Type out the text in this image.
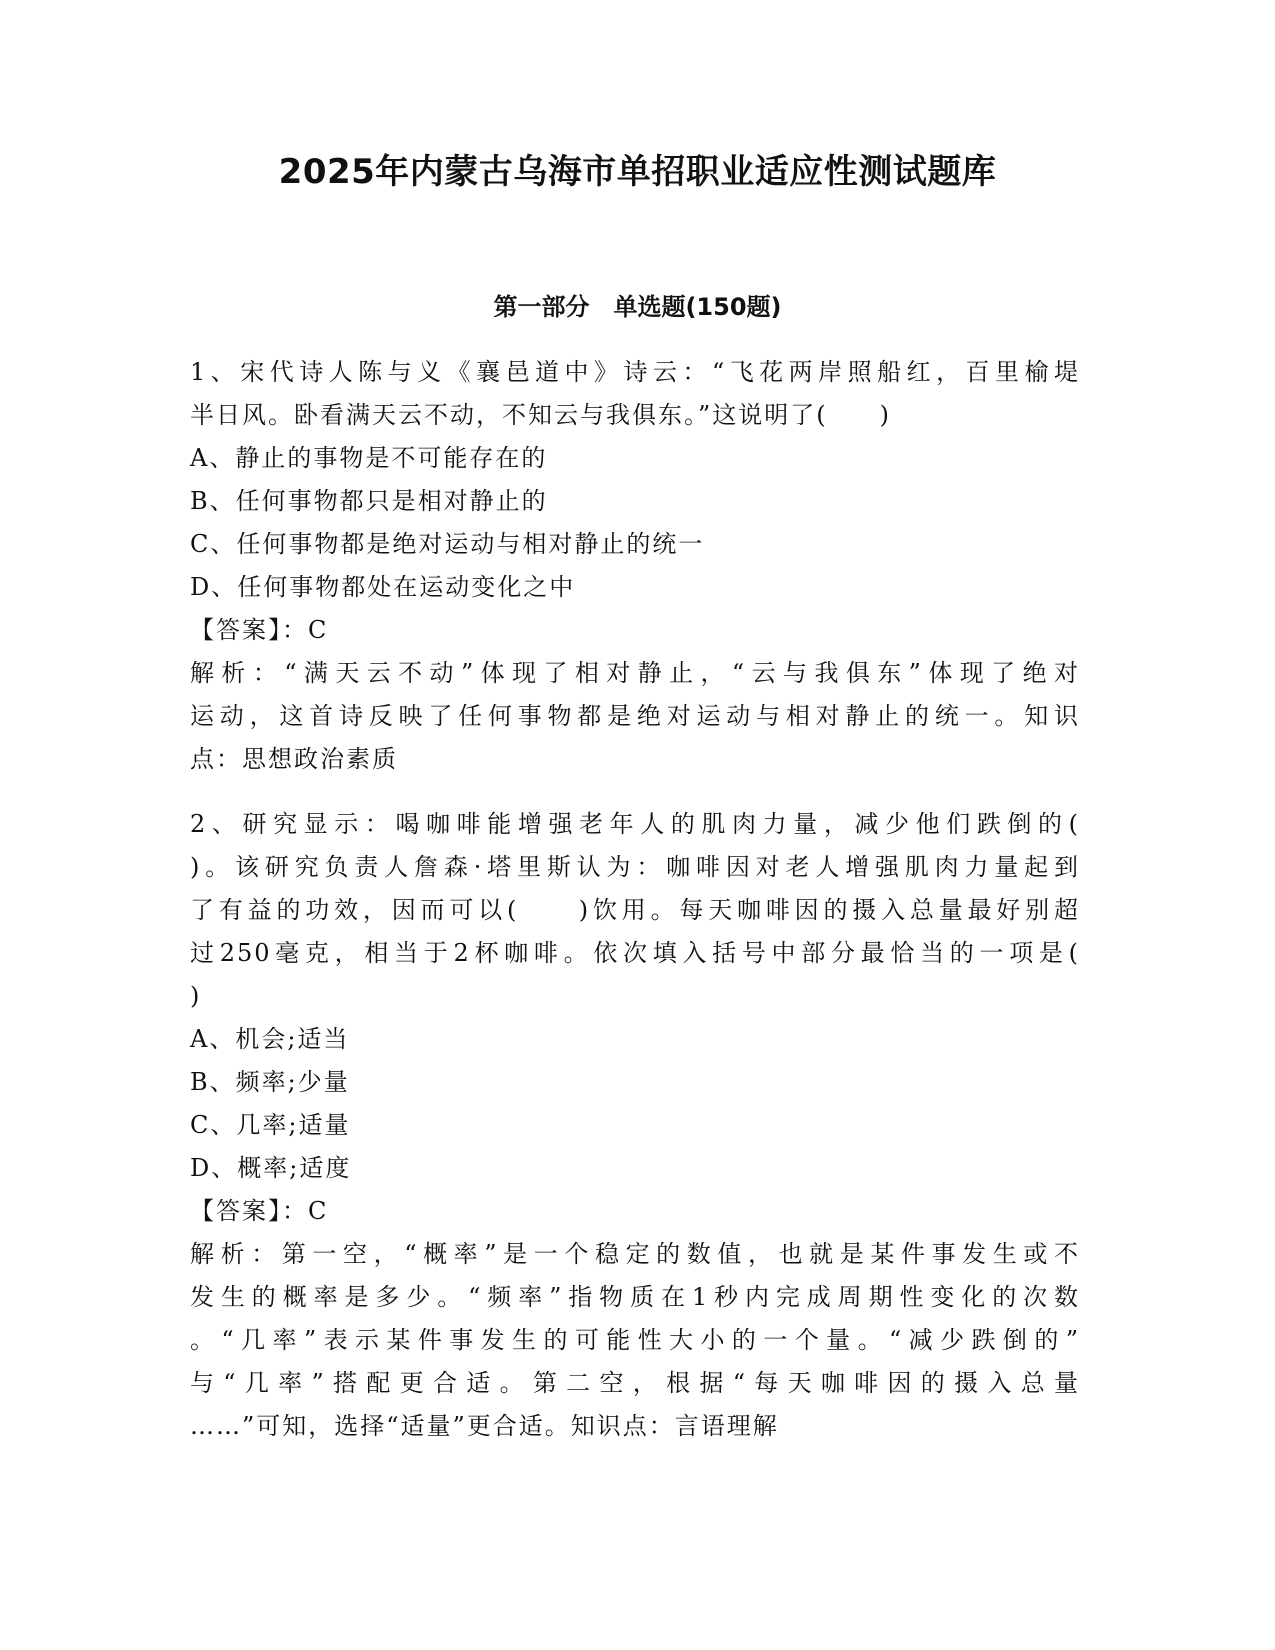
2025年内蒙古乌海市单招职业适应性测试题库
第一部分　单选题(150题)
1、宋代诗人陈与义《襄邑道中》诗云：“飞花两岸照船红，百里榆堤
半日风。卧看满天云不动，不知云与我俱东。”这说明了(　　)
A、静止的事物是不可能存在的
B、任何事物都只是相对静止的
C、任何事物都是绝对运动与相对静止的统一
D、任何事物都处在运动变化之中
【答案】：C
解析：“满天云不动”体现了相对静止，“云与我俱东”体现了绝对
运动，这首诗反映了任何事物都是绝对运动与相对静止的统一。知识
点：思想政治素质
2、研究显示：喝咖啡能增强老年人的肌肉力量，减少他们跌倒的(
)。该研究负责人詹森·塔里斯认为：咖啡因对老人增强肌肉力量起到
了有益的功效，因而可以(　　)饮用。每天咖啡因的摄入总量最好别超
过250毫克，相当于2杯咖啡。依次填入括号中部分最恰当的一项是(
)
A、机会;适当
B、频率;少量
C、几率;适量
D、概率;适度
【答案】：C
解析：第一空，“概率”是一个稳定的数值，也就是某件事发生或不
发生的概率是多少。“频率”指物质在1秒内完成周期性变化的次数
。“几率”表示某件事发生的可能性大小的一个量。“减少跌倒的”
与“几率”搭配更合适。第二空，根据“每天咖啡因的摄入总量
……”可知，选择“适量”更合适。知识点：言语理解
